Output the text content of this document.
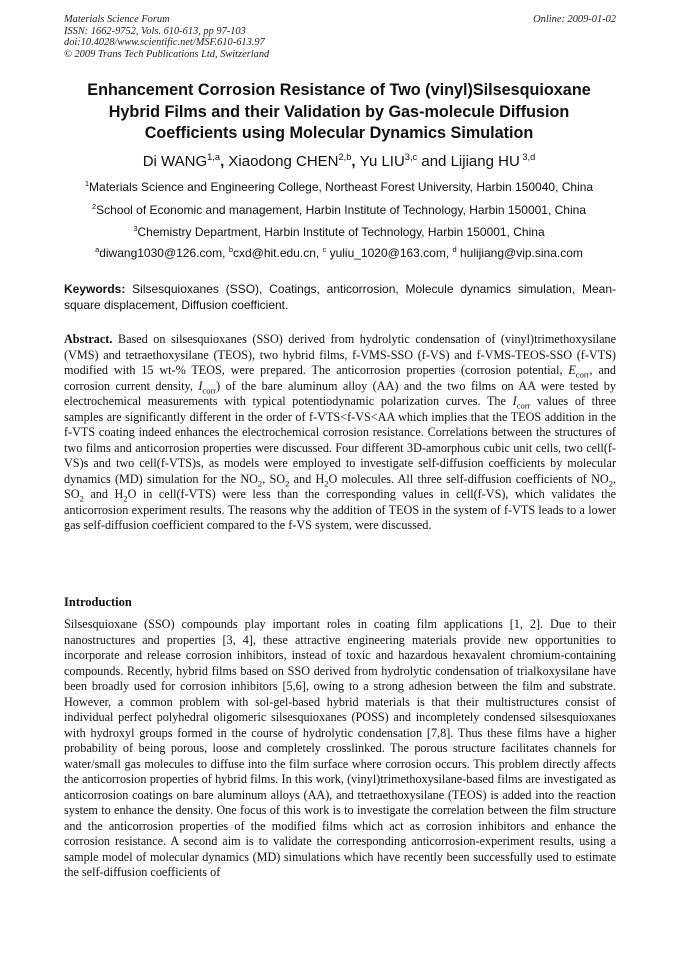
Materials Science Forum
ISSN: 1662-9752, Vols. 610-613, pp 97-103
doi:10.4028/www.scientific.net/MSF.610-613.97
© 2009 Trans Tech Publications Ltd, Switzerland
Online: 2009-01-02
Enhancement Corrosion Resistance of Two (vinyl)Silsesquioxane
Hybrid Films and their Validation by Gas-molecule Diffusion
Coefficients using Molecular Dynamics Simulation
Di WANG$^{1,a}$, Xiaodong CHEN$^{2,b}$, Yu LIU$^{3,c}$ and Lijiang HU $^{3,d}$
$^1$Materials Science and Engineering College, Northeast Forest University, Harbin 150040, China
$^2$School of Economic and management, Harbin Institute of Technology, Harbin 150001, China
$^3$Chemistry Department, Harbin Institute of Technology, Harbin 150001, China
$^a$diwang1030@126.com, $^b$cxd@hit.edu.cn, $^c$ yuliu_1020@163.com, $^d$ hulijiang@vip.sina.com
Keywords: Silsesquioxanes (SSO), Coatings, anticorrosion, Molecule dynamics simulation, Mean-square displacement, Diffusion coefficient.
Abstract. Based on silsesquioxanes (SSO) derived from hydrolytic condensation of (vinyl)trimethoxysilane (VMS) and tetraethoxysilane (TEOS), two hybrid films, f-VMS-SSO (f-VS) and f-VMS-TEOS-SSO (f-VTS) modified with 15 wt-% TEOS, were prepared. The anticorrosion properties (corrosion potential, $E_{corr}$, and corrosion current density, $I_{corr}$) of the bare aluminum alloy (AA) and the two films on AA were tested by electrochemical measurements with typical potentiodynamic polarization curves. The $I_{corr}$ values of three samples are significantly different in the order of f-VTS<f-VS<AA which implies that the TEOS addition in the f-VTS coating indeed enhances the electrochemical corrosion resistance. Correlations between the structures of two films and anticorrosion properties were discussed. Four different 3D-amorphous cubic unit cells, two cell(f-VS)s and two cell(f-VTS)s, as models were employed to investigate self-diffusion coefficients by molecular dynamics (MD) simulation for the $NO_2$, $SO_2$ and $H_2O$ molecules. All three self-diffusion coefficients of $NO_2$, $SO_2$ and $H_2O$ in cell(f-VTS) were less than the corresponding values in cell(f-VS), which validates the anticorrosion experiment results. The reasons why the addition of TEOS in the system of f-VTS leads to a lower gas self-diffusion coefficient compared to the f-VS system, were discussed.
Introduction
Silsesquioxane (SSO) compounds play important roles in coating film applications [1, 2]. Due to their nanostructures and properties [3, 4], these attractive engineering materials provide new opportunities to incorporate and release corrosion inhibitors, instead of toxic and hazardous hexavalent chromium-containing compounds. Recently, hybrid films based on SSO derived from hydrolytic condensation of trialkoxysilane have been broadly used for corrosion inhibitors [5,6], owing to a strong adhesion between the film and substrate. However, a common problem with sol-gel-based hybrid materials is that their multistructures consist of individual perfect polyhedral oligomeric silsesquioxanes (POSS) and incompletely condensed silsesquioxanes with hydroxyl groups formed in the course of hydrolytic condensation [7,8]. Thus these films have a higher probability of being porous, loose and completely crosslinked. The porous structure facilitates channels for water/small gas molecules to diffuse into the film surface where corrosion occurs. This problem directly affects the anticorrosion properties of hybrid films. In this work, (vinyl)trimethoxysilane-based films are investigated as anticorrosion coatings on bare aluminum alloys (AA), and ttetraethoxysilane (TEOS) is added into the reaction system to enhance the density. One focus of this work is to investigate the correlation between the film structure and the anticorrosion properties of the modified films which act as corrosion inhibitors and enhance the corrosion resistance. A second aim is to validate the corresponding anticorrosion-experiment results, using a sample model of molecular dynamics (MD) simulations which have recently been successfully used to estimate the self-diffusion coefficients of
